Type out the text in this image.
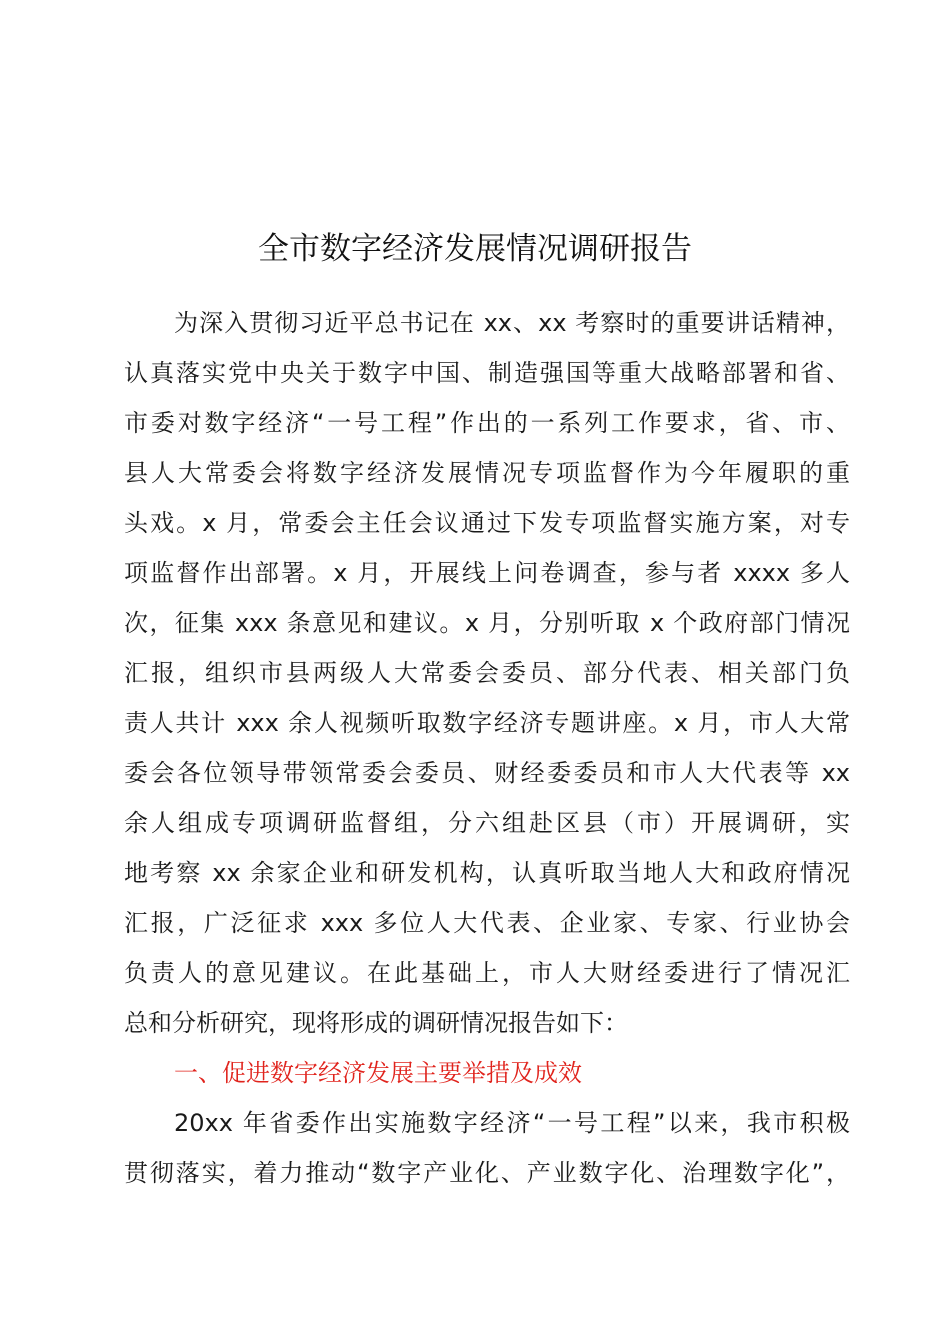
全市数字经济发展情况调研报告
为深入贯彻习近平总书记在 xx、xx 考察时的重要讲话精神，
认真落实党中央关于数字中国、制造强国等重大战略部署和省、
市委对数字经济“一号工程”作出的一系列工作要求，省、市、
县人大常委会将数字经济发展情况专项监督作为今年履职的重
头戏。x 月，常委会主任会议通过下发专项监督实施方案，对专
项监督作出部署。x 月，开展线上问卷调查，参与者 xxxx 多人
次，征集 xxx 条意见和建议。x 月，分别听取 x 个政府部门情况
汇报，组织市县两级人大常委会委员、部分代表、相关部门负
责人共计 xxx 余人视频听取数字经济专题讲座。x 月，市人大常
委会各位领导带领常委会委员、财经委委员和市人大代表等 xx
余人组成专项调研监督组，分六组赴区县（市）开展调研，实
地考察 xx 余家企业和研发机构，认真听取当地人大和政府情况
汇报，广泛征求 xxx 多位人大代表、企业家、专家、行业协会
负责人的意见建议。在此基础上，市人大财经委进行了情况汇
总和分析研究，现将形成的调研情况报告如下：
一、促进数字经济发展主要举措及成效
20xx 年省委作出实施数字经济“一号工程”以来，我市积极
贯彻落实，着力推动“数字产业化、产业数字化、治理数字化”，
